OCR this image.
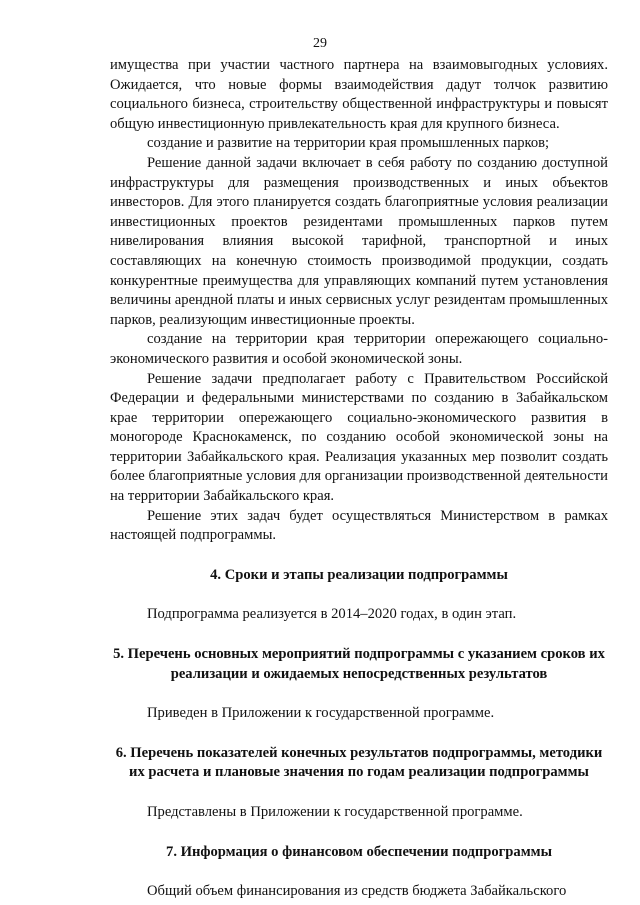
29

имущества при участии частного партнера на взаимовыгодных условиях. Ожидается, что новые формы взаимодействия дадут толчок развитию социального бизнеса, строительству общественной инфраструктуры и повысят общую инвестиционную привлекательность края для крупного бизнеса.

создание и развитие на территории края промышленных парков;

Решение данной задачи включает в себя работу по созданию доступной инфраструктуры для размещения производственных и иных объектов инвесторов. Для этого планируется создать благоприятные условия реализации инвестиционных проектов резидентами промышленных парков путем нивелирования влияния высокой тарифной, транспортной и иных составляющих на конечную стоимость производимой продукции, создать конкурентные преимущества для управляющих компаний путем установления величины арендной платы и иных сервисных услуг резидентам промышленных парков, реализующим инвестиционные проекты.

создание на территории края территории опережающего социально-экономического развития и особой экономической зоны.

Решение задачи предполагает работу с Правительством Российской Федерации и федеральными министерствами по созданию в Забайкальском крае территории опережающего социально-экономического развития в моногороде Краснокаменск, по созданию особой экономической зоны на территории Забайкальского края. Реализация указанных мер позволит создать более благоприятные условия для организации производственной деятельности на территории Забайкальского края.

Решение этих задач будет осуществляться Министерством в рамках настоящей подпрограммы.

4. Сроки и этапы реализации подпрограммы

Подпрограмма реализуется в 2014–2020 годах, в один этап.

5. Перечень основных мероприятий подпрограммы с указанием сроков их реализации и ожидаемых непосредственных результатов

Приведен в Приложении к государственной программе.

6. Перечень показателей конечных результатов подпрограммы, методики их расчета и плановые значения по годам реализации подпрограммы

Представлены в Приложении к государственной программе.

7. Информация о финансовом обеспечении подпрограммы

Общий объем финансирования из средств бюджета Забайкальского
